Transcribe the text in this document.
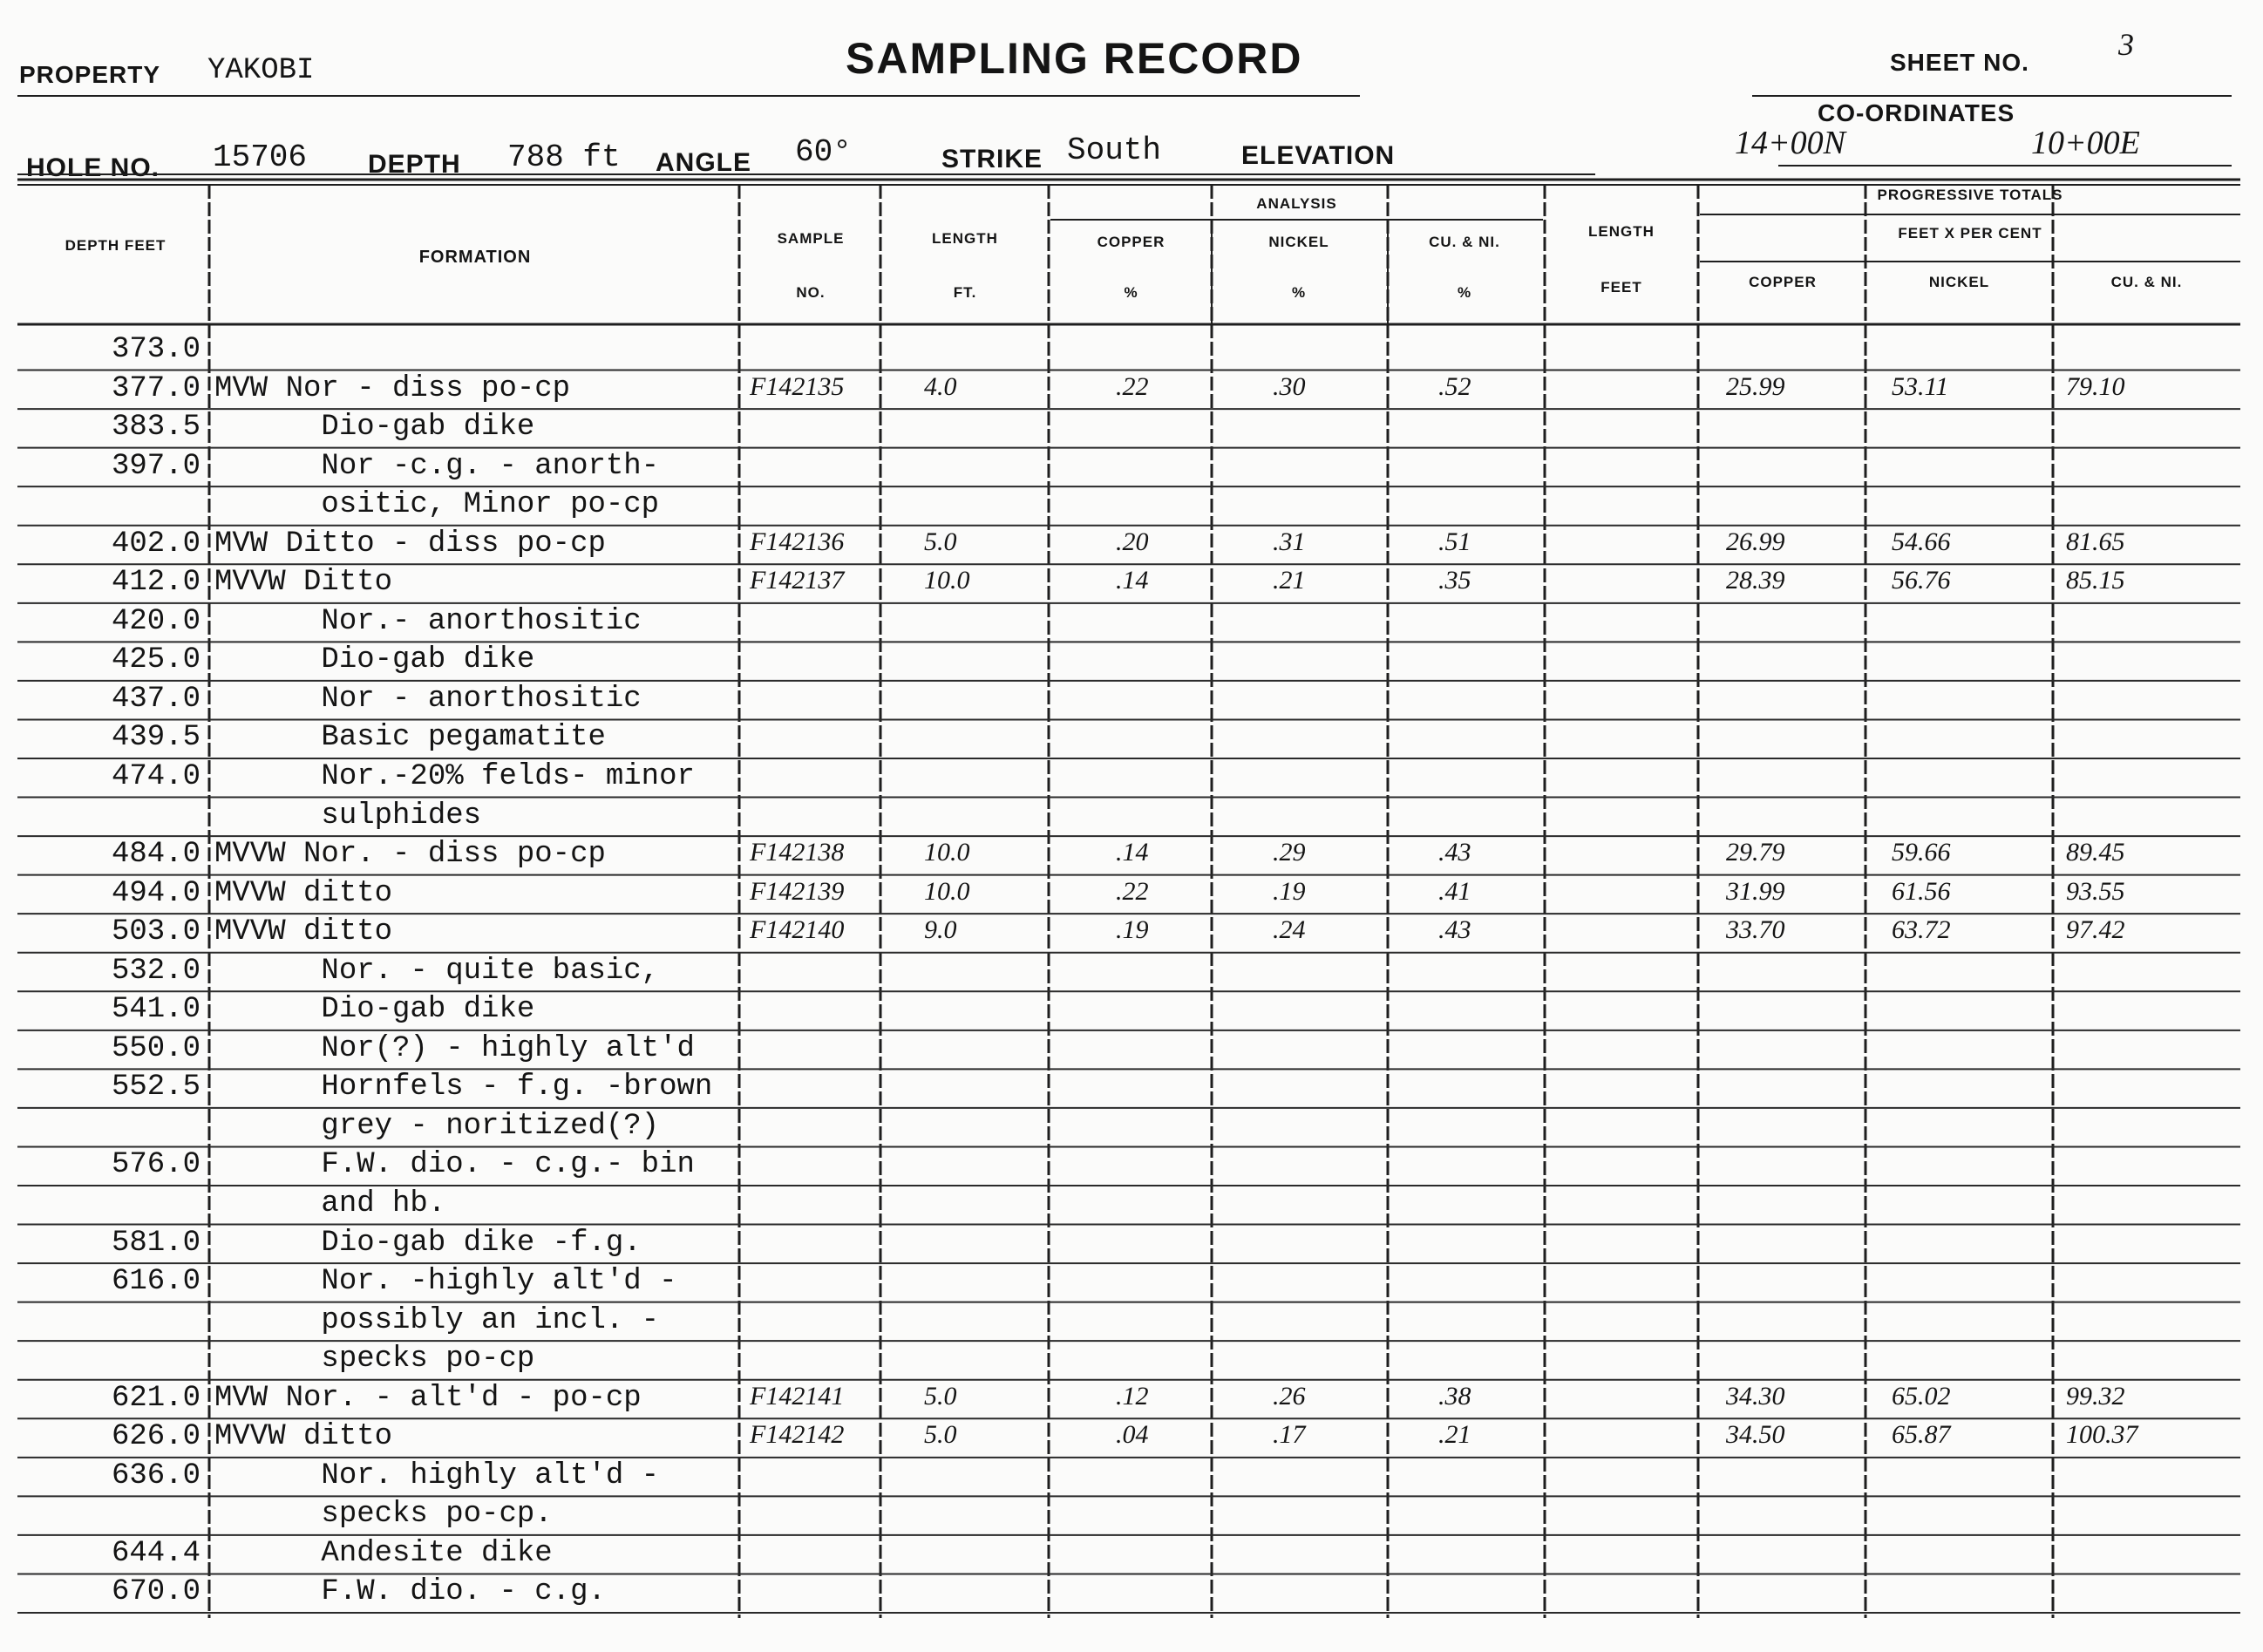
PROPERTY YAKOBI	SAMPLING RECORD	SHEET NO.
3
CO-ORDINATES
14+00N	10+00E
HOLE NO. 15706 DEPTH 788 ft ANGLE 60°	STRIKE South	ELEVATION
DEPTH FEET
FORMATION
SAMPLE
NO.
LENGTH
FT.
ANALYSIS
COPPER	NICKEL	CU. & NI.
%	%	%
LENGTH
FEET
PROGRESSIVE TOTALS
FEET X PER CENT
COPPER	NICKEL	CU. & NI.
373.0
377.0 MVW Nor - diss po-cp	F142135	4.0	.22	.30	.52	25.99	53.11	79.10
383.5 Dio-gab dike
397.0 Nor -c.g. - anorth-
ositic, Minor po-cp
402.0 MVW Ditto - diss po-cp	F142136	5.0	.20	.31	.51	26.99	54.66	81.65
412.0 MVVW Ditto	F142137	10.0	.14	.21	.35	28.39	56.76	85.15
420.0 Nor.- anorthositic
425.0 Dio-gab dike
437.0 Nor - anorthositic
439.5 Basic pegamatite
474.0 Nor.-20% felds- minor
sulphides
484.0 MVVW Nor. - diss po-cp	F142138	10.0	.14	.29	.43	29.79	59.66	89.45
494.0 MVVW ditto	F142139	10.0	.22	.19	.41	31.99	61.56	93.55
503.0 MVVW ditto	F142140	9.0	.19	.24	.43	33.70	63.72	97.42
532.0 Nor. - quite basic,
541.0 Dio-gab dike
550.0 Nor(?) - highly alt'd
552.5 Hornfels - f.g. -brown
grey - noritized(?)
576.0 F.W. dio. - c.g.- bin
and hb.
581.0 Dio-gab dike -f.g.
616.0 Nor. -highly alt'd -
possibly an incl. -
specks po-cp
621.0 MVW Nor. - alt'd - po-cp	F142141	5.0	.12	.26	.38	34.30	65.02	99.32
626.0 MVVW ditto	F142142	5.0	.04	.17	.21	34.50	65.87	100.37
636.0 Nor. highly alt'd -
specks po-cp.
644.4 Andesite dike
670.0 F.W. dio. - c.g.
